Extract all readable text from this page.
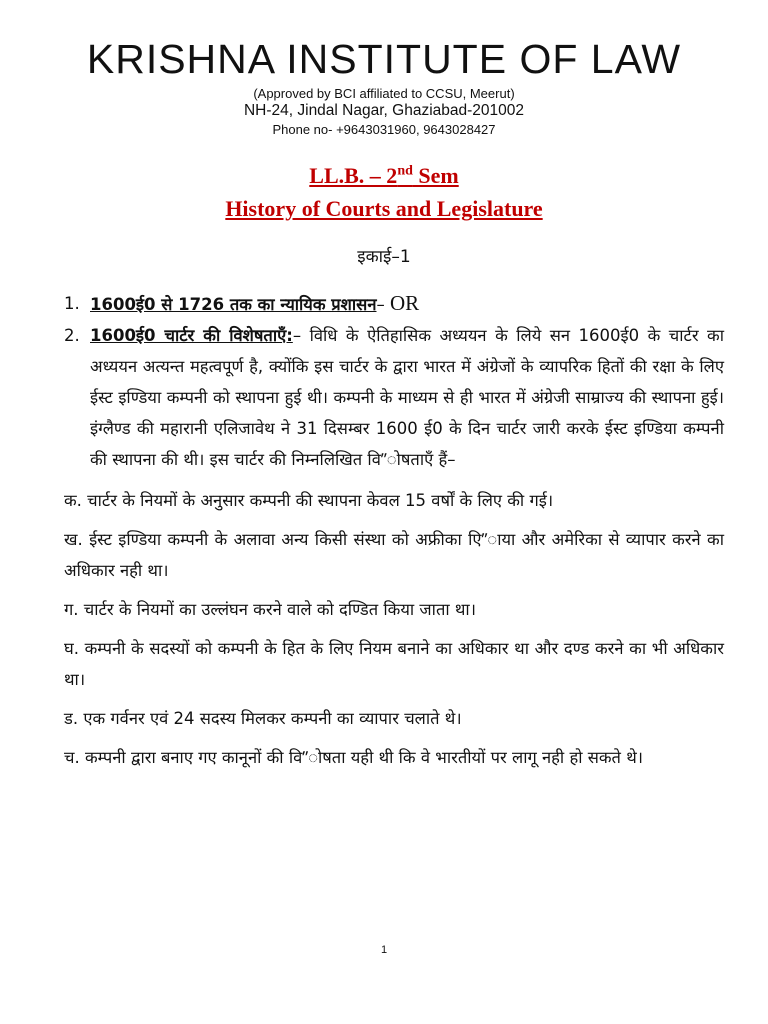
KRISHNA INSTITUTE OF LAW
(Approved by BCI affiliated to CCSU, Meerut)
NH-24, Jindal Nagar, Ghaziabad-201002
Phone no- +9643031960, 9643028427
LL.B. – 2nd Sem
History of Courts and Legislature
इकाई–1
1. 1600ई0 से 1726 तक का न्यायिक प्रशासन– OR
2. 1600ई0 चार्टर की विशेषताएँ:– विधि के ऐतिहासिक अध्ययन के लिये सन 1600ई0 के चार्टर का अध्ययन अत्यन्त महत्वपूर्ण है, क्योंकि इस चार्टर के द्वारा भारत में अंग्रेजों के व्यापरिक हितों की रक्षा के लिए ईस्ट इण्डिया कम्पनी को स्थापना हुई थी। कम्पनी के माध्यम से ही भारत में अंग्रेजी साम्राज्य की स्थापना हुई। इंग्लैण्ड की महारानी एलिजावेथ ने 31 दिसम्बर 1600 ई0 के दिन चार्टर जारी करके ईस्ट इण्डिया कम्पनी की स्थापना की थी। इस चार्टर की निम्नलिखित वि”ोषताएँ हैं–
क. चार्टर के नियमों के अनुसार कम्पनी की स्थापना केवल 15 वर्षों के लिए की गई।
ख. ईस्ट इण्डिया कम्पनी के अलावा अन्य किसी संस्था को अफ्रीका एि”ाया और अमेरिका से व्यापार करने का अधिकार नही था।
ग. चार्टर के नियमों का उल्लंघन करने वाले को दण्डित किया जाता था।
घ. कम्पनी के सदस्यों को कम्पनी के हित के लिए नियम बनाने का अधिकार था और दण्ड करने का भी अधिकार था।
ड. एक गर्वनर एवं 24 सदस्य मिलकर कम्पनी का व्यापार चलाते थे।
च. कम्पनी द्वारा बनाए गए कानूनों की वि”ोषता यही थी कि वे भारतीयों पर लागू नही हो सकते थे।
1
